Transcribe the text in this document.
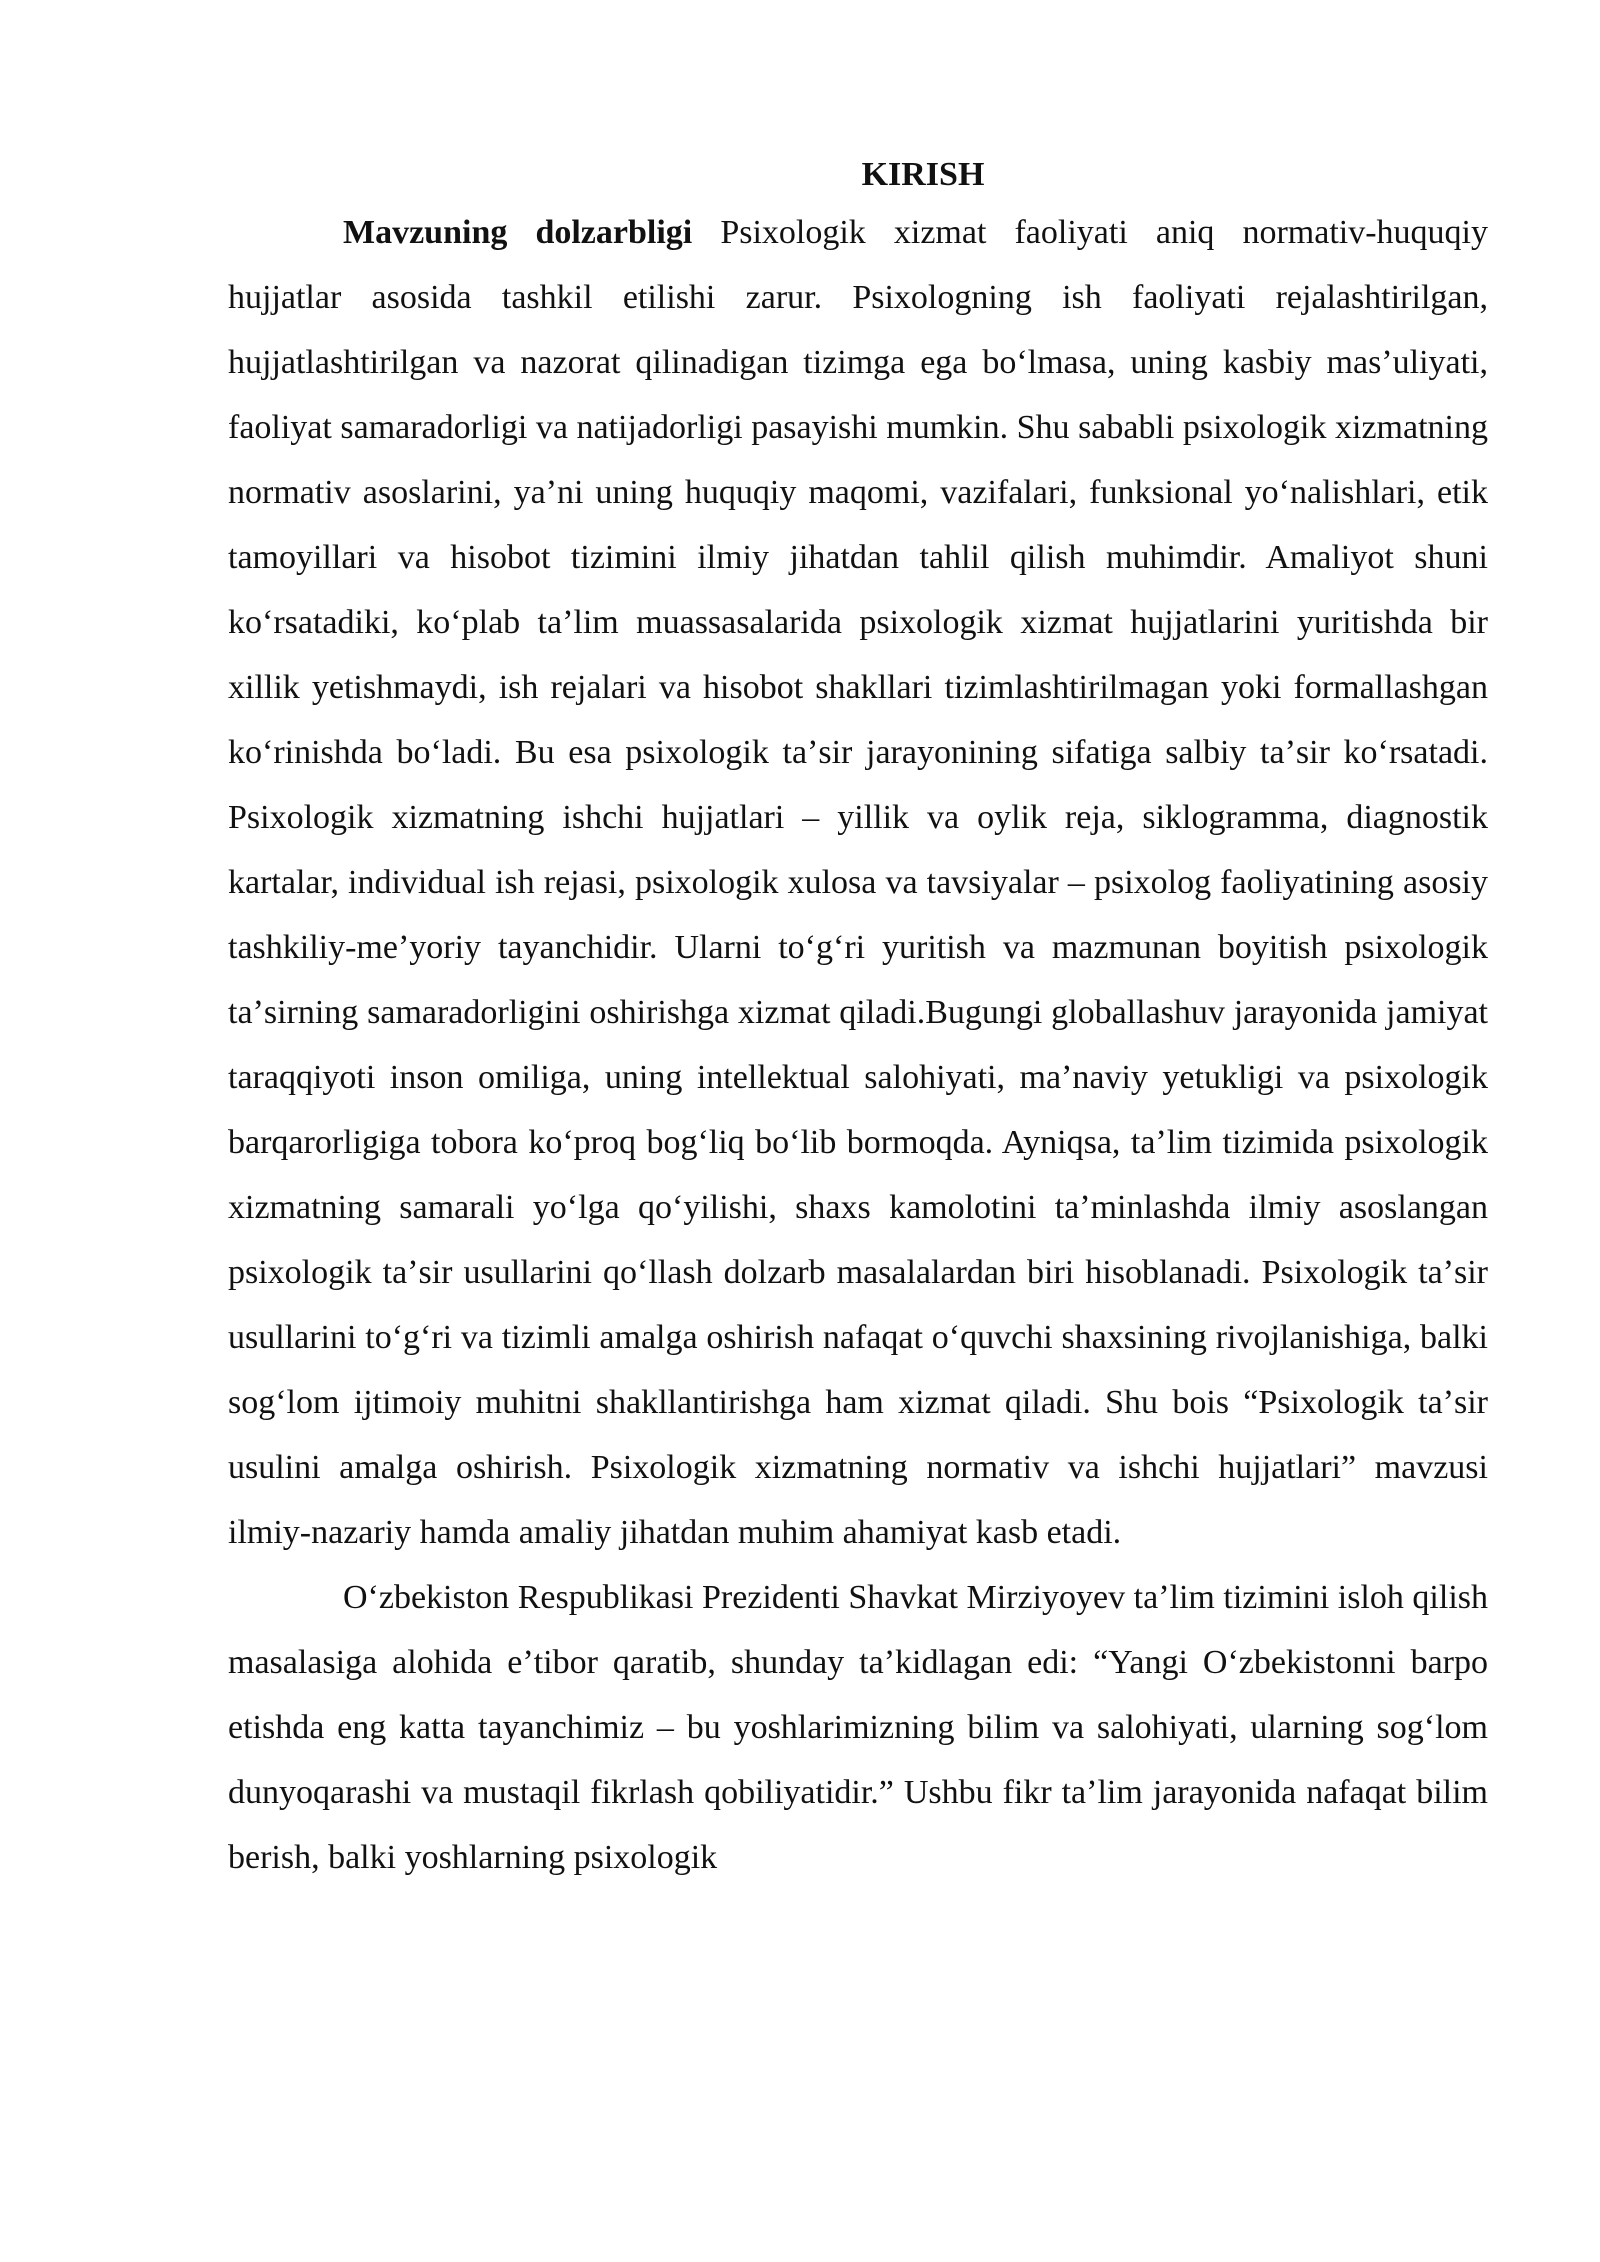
KIRISH

Mavzuning dolzarbligi Psixologik xizmat faoliyati aniq normativ-huquqiy hujjatlar asosida tashkil etilishi zarur. Psixologning ish faoliyati rejalashtirilgan, hujjatlashtirilgan va nazorat qilinadigan tizimga ega boʻlmasa, uning kasbiy masʼuliyati, faoliyat samaradorligi va natijadorligi pasayishi mumkin. Shu sababli psixologik xizmatning normativ asoslarini, yaʼni uning huquqiy maqomi, vazifalari, funksional yoʻnalishlari, etik tamoyillari va hisobot tizimini ilmiy jihatdan tahlil qilish muhimdir. Amaliyot shuni koʻrsatadiki, koʻplab taʼlim muassasalarida psixologik xizmat hujjatlarini yuritishda bir xillik yetishmaydi, ish rejalari va hisobot shakllari tizimlashtirilmagan yoki formallashgan koʻrinishda boʻladi. Bu esa psixologik taʼsir jarayonining sifatiga salbiy taʼsir koʻrsatadi. Psixologik xizmatning ishchi hujjatlari – yillik va oylik reja, siklogramma, diagnostik kartalar, individual ish rejasi, psixologik xulosa va tavsiyalar – psixolog faoliyatining asosiy tashkiliy-meʼyoriy tayanchidir. Ularni toʻgʻri yuritish va mazmunan boyitish psixologik taʼsirning samaradorligini oshirishga xizmat qiladi.Bugungi globallashuv jarayonida jamiyat taraqqiyoti inson omiliga, uning intellektual salohiyati, maʼnaviy yetukligi va psixologik barqarorligiga tobora koʻproq bogʻliq boʻlib bormoqda. Ayniqsa, taʼlim tizimida psixologik xizmatning samarali yoʻlga qoʻyilishi, shaxs kamolotini taʼminlashda ilmiy asoslangan psixologik taʼsir usullarini qoʻllash dolzarb masalalardan biri hisoblanadi. Psixologik taʼsir usullarini toʻgʻri va tizimli amalga oshirish nafaqat oʻquvchi shaxsining rivojlanishiga, balki sogʻlom ijtimoiy muhitni shakllantirishga ham xizmat qiladi. Shu bois “Psixologik taʼsir usulini amalga oshirish. Psixologik xizmatning normativ va ishchi hujjatlari” mavzusi ilmiy-nazariy hamda amaliy jihatdan muhim ahamiyat kasb etadi.

Oʻzbekiston Respublikasi Prezidenti Shavkat Mirziyoyev taʼlim tizimini isloh qilish masalasiga alohida eʼtibor qaratib, shunday taʼkidlagan edi: “Yangi Oʻzbekistonni barpo etishda eng katta tayanchimiz – bu yoshlarimizning bilim va salohiyati, ularning sogʻlom dunyoqarashi va mustaqil fikrlash qobiliyatidir.” Ushbu fikr taʼlim jarayonida nafaqat bilim berish, balki yoshlarning psixologik
